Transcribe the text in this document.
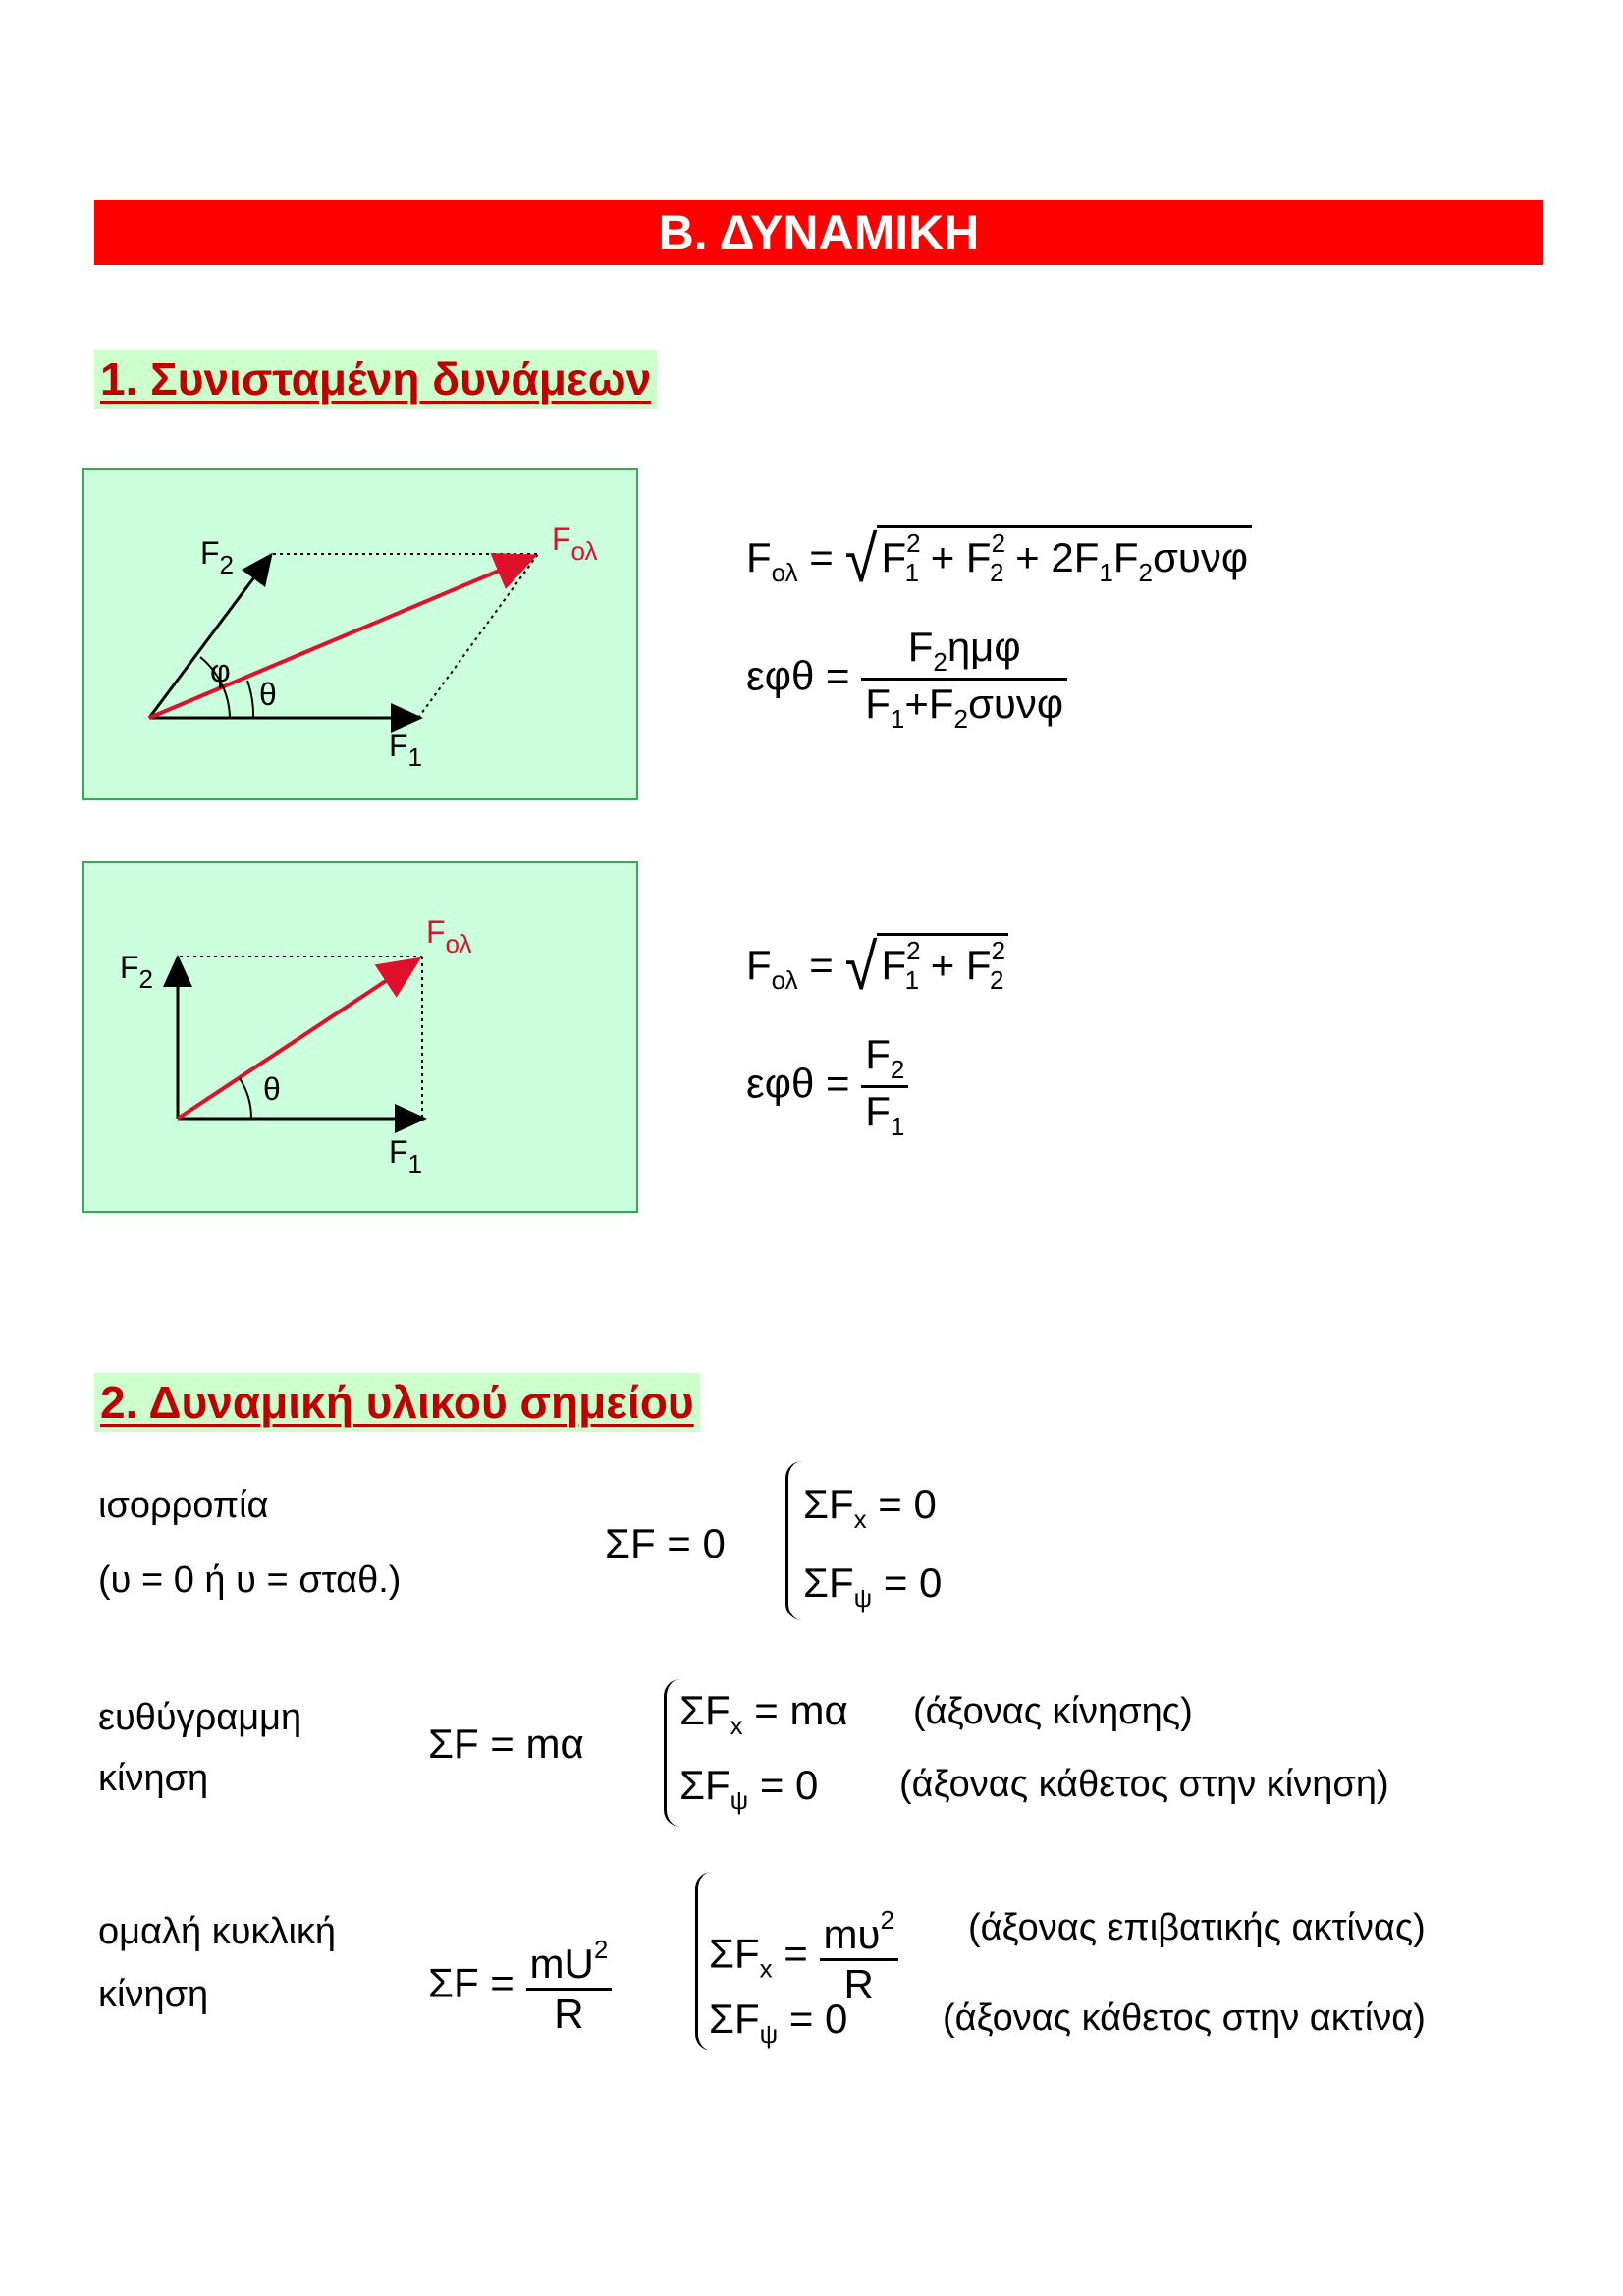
Β. ΔΥΝΑΜΙΚΗ
1. Συνισταμένη δυνάμεων
$F_2$
$F_1$
$F_{o\lambda}$
φ
θ
$F_{o\lambda} = √F^2_1 + F^2_2 + 2F_1F_2\sigma\upsilon\nu\varphi$
$\varepsilon\varphi\theta = \frac{F_2\eta\mu\varphi}{F_1+F_2\sigma\upsilon\nu\varphi}$
$F_2$
$F_1$
$F_{o\lambda}$
θ
$F_{o\lambda} = √F^2_1 + F^2_2$
$\varepsilon\varphi\theta = \frac{F_2}{F_1}$
2. Δυναμική υλικού σημείου
ισορροπία
(υ = 0 ή υ = σταθ.)
ΣF = 0
$\Sigma F_x = 0$
$\Sigma F_\psi = 0$
ευθύγραμμη
κίνηση
ΣF = mα
$\Sigma F_x = m\alpha$ (άξονας κίνησης)
$\Sigma F_\psi = 0$ (άξονας κάθετος στην κίνηση)
ομαλή κυκλική
κίνηση	$\Sigma F = \frac{mU^2}{R} \Sigma F_x = \frac{m\upsilon^2}{R} (ά\xi o\nu\alpha\varsigma$ επιβατικής ακτίνας)
$\Sigma F_\psi = 0$	(άξονας κάθετος στην ακτίνα)
